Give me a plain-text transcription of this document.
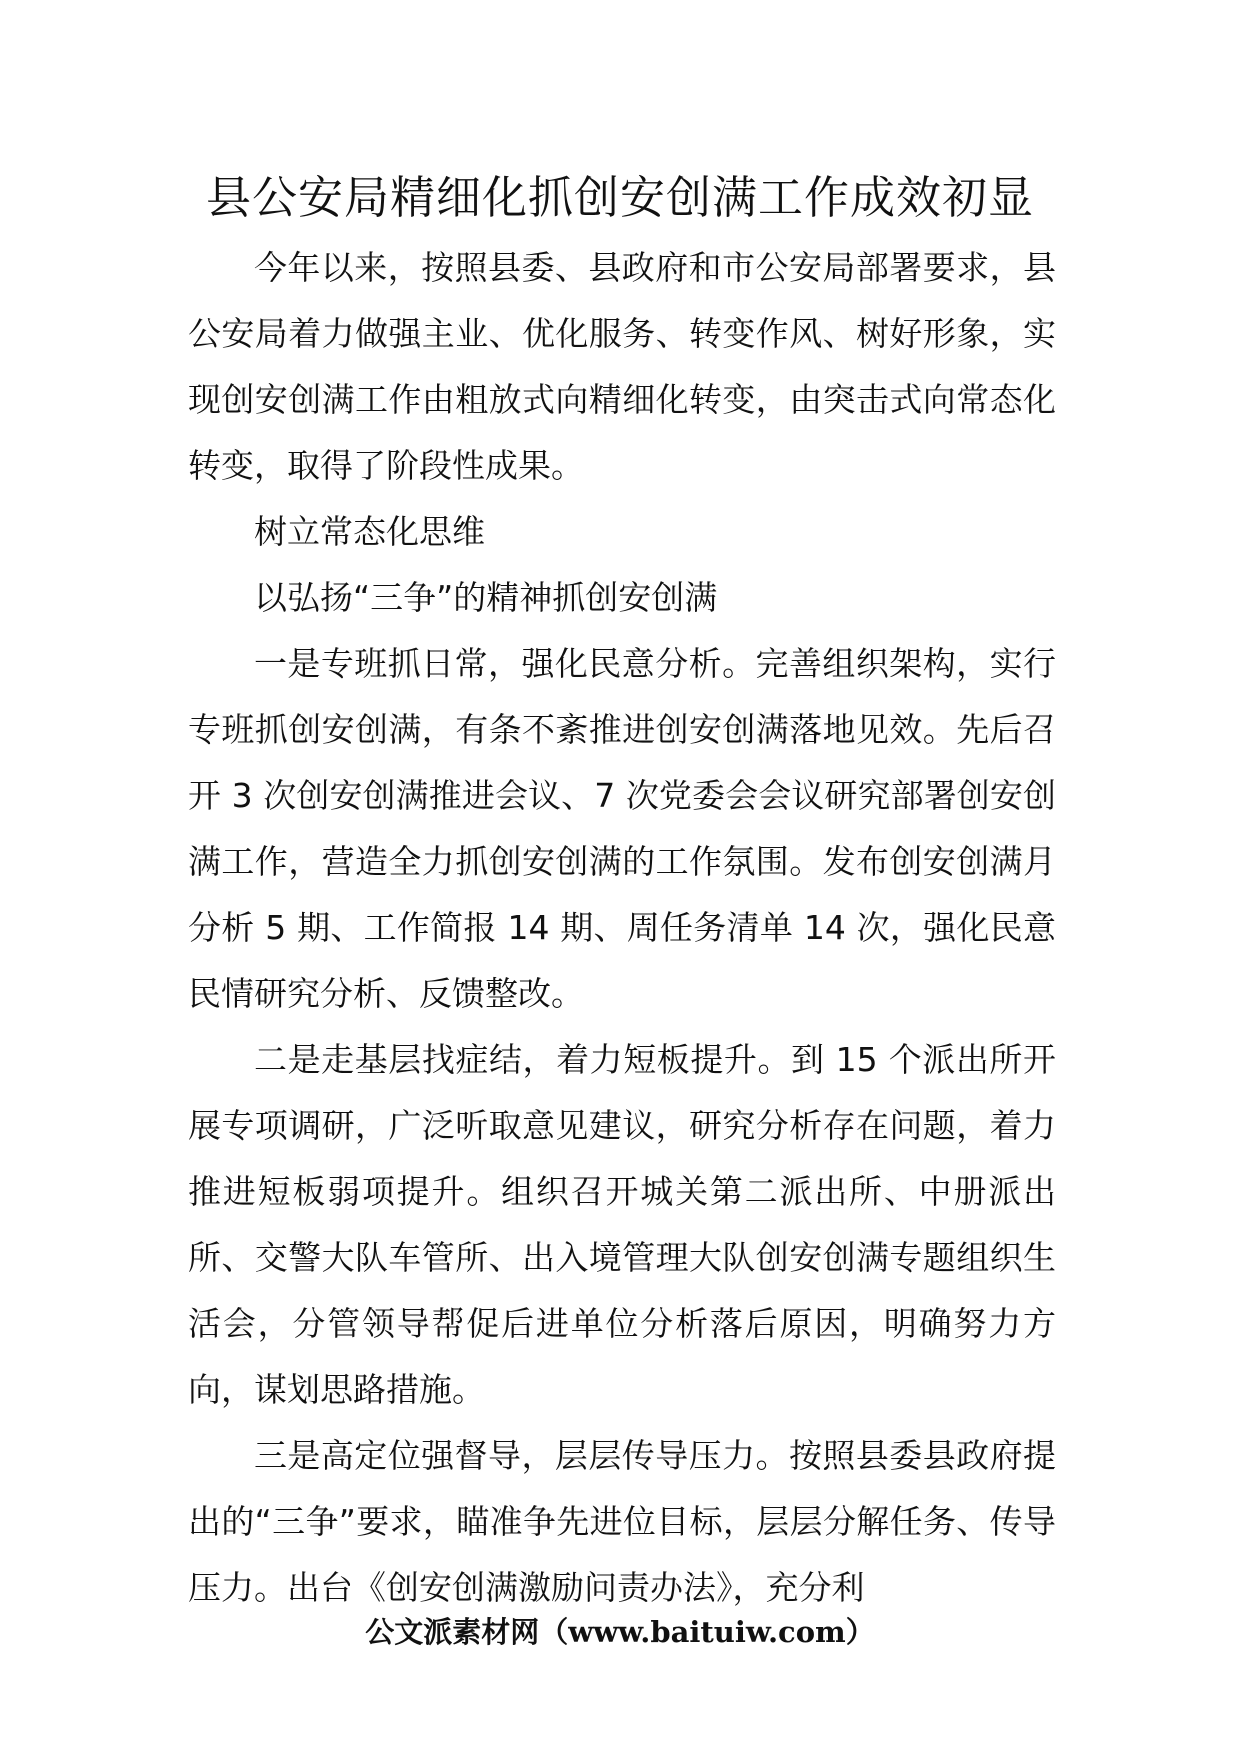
县公安局精细化抓创安创满工作成效初显

今年以来，按照县委、县政府和市公安局部署要求，县公安局着力做强主业、优化服务、转变作风、树好形象，实现创安创满工作由粗放式向精细化转变，由突击式向常态化转变，取得了阶段性成果。

树立常态化思维

以弘扬“三争”的精神抓创安创满

一是专班抓日常，强化民意分析。完善组织架构，实行专班抓创安创满，有条不紊推进创安创满落地见效。先后召开 3 次创安创满推进会议、7 次党委会会议研究部署创安创满工作，营造全力抓创安创满的工作氛围。发布创安创满月分析 5 期、工作简报 14 期、周任务清单 14 次，强化民意民情研究分析、反馈整改。

二是走基层找症结，着力短板提升。到 15 个派出所开展专项调研，广泛听取意见建议，研究分析存在问题，着力推进短板弱项提升。组织召开城关第二派出所、中册派出所、交警大队车管所、出入境管理大队创安创满专题组织生活会，分管领导帮促后进单位分析落后原因，明确努力方向，谋划思路措施。

三是高定位强督导，层层传导压力。按照县委县政府提出的“三争”要求，瞄准争先进位目标，层层分解任务、传导压力。出台《创安创满激励问责办法》，充分利

公文派素材网（www.baituiw.com）
